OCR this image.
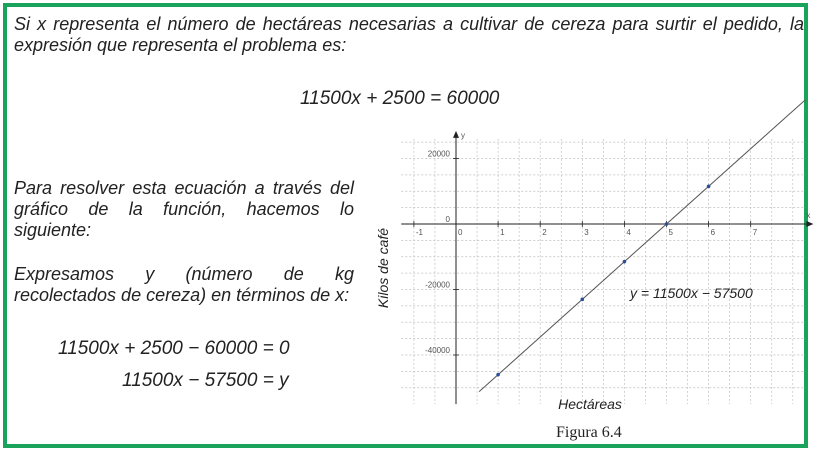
Si x representa el número de hectáreas necesarias a cultivar de cereza para surtir el pedido, la expresión que representa el problema es:
11500x + 2500 = 60000
Para resolver esta ecuación a través del gráfico de la función, hacemos lo siguiente:
Expresamos y (número de kg recolectados de cereza) en términos de x:
11500x + 2500 − 60000 = 0
11500x − 57500 = y
x
y
-1	0	1	2	3	4	5	6	7
20000
0
-20000
-40000
y = 11500x − 57500
Hectáreas
Kilos de café
Figura 6.4
